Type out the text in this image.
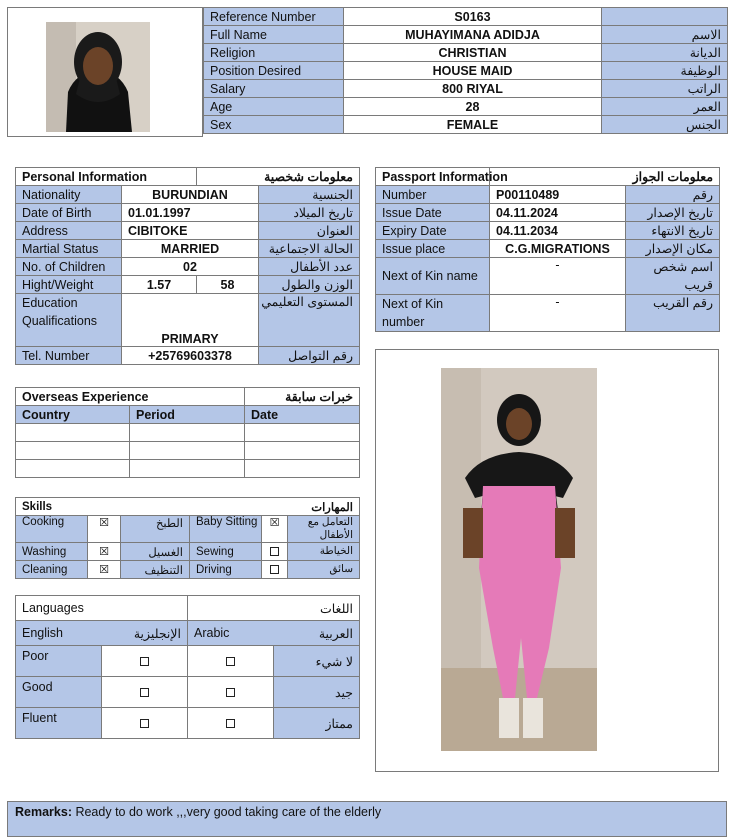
Reference Number	S0163	
Full Name	MUHAYIMANA ADIDJA	الاسم
Religion	CHRISTIAN	الديانة
Position Desired	HOUSE MAID	الوظيفة
Salary	800 RIYAL	الراتب
Age	28	العمر
Sex	FEMALE	الجنس
Personal Information		معلومات شخصية	
Nationality	BURUNDIAN		الجنسية
Date of Birth	01.01.1997		تاريخ الميلاد
Address	CIBITOKE		العنوان
Martial Status	MARRIED		الحالة الاجتماعية
No. of Children	02		عدد الأطفال
Hight/Weight	1.57	58	الوزن والطول
Education Qualifications	PRIMARY		المستوى التعليمي
Tel. Number	+25769603378		رقم التواصل
Passport Information	معلومات الجواز	
Number	P00110489	رقم
Issue Date	04.11.2024	تاريخ الإصدار
Expiry Date	04.11.2034	تاريخ الانتهاء
Issue place	C.G.MIGRATIONS	مكان الإصدار
Next of Kin name	-	اسم شخص قريب
Next of Kin number	-	رقم القريب
Overseas Experience		خبرات سابقة
Country	Period	Date

Skills			المهارات		
Cooking	☒	الطبخ	Baby Sitting	☒	التعامل مع الأطفال
Washing	☒	الغسيل	Sewing		الخياطة
Cleaning	☒	التنظيف	Driving		سائق
Languages		اللغات	
English	الإنجليزية	Arabic	العربية
Poor			لا شيء
Good			جيد
Fluent			ممتاز
Remarks: Ready to do work ,,,very good taking care of the elderly
